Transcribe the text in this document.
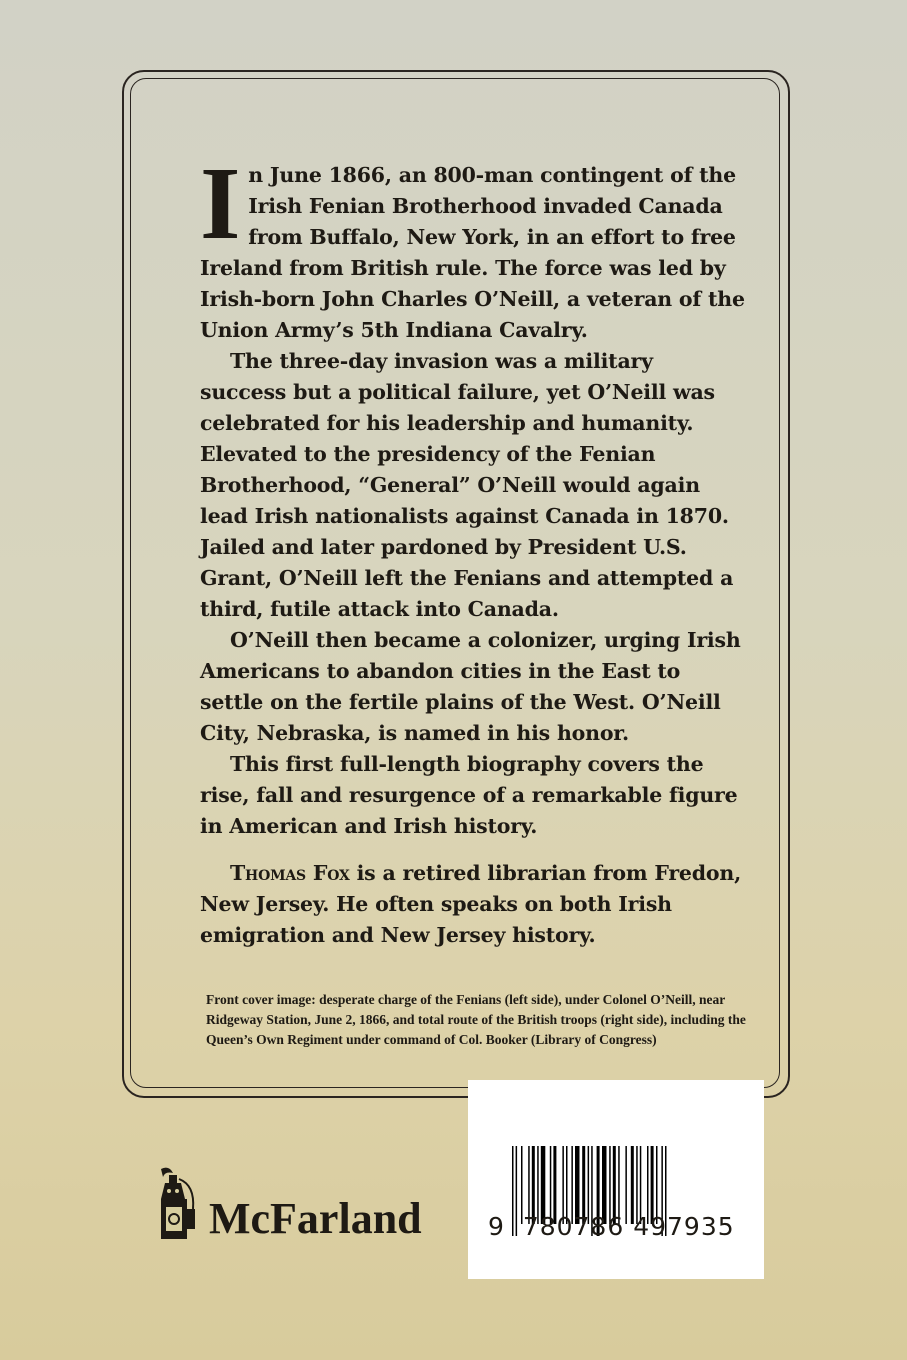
In June 1866, an 800-man contingent of the Irish Fenian Brotherhood invaded Canada from Buffalo, New York, in an effort to free Ireland from British rule. The force was led by Irish-born John Charles O’Neill, a veteran of the Union Army’s 5th Indiana Cavalry.

The three-day invasion was a military success but a political failure, yet O’Neill was celebrated for his leadership and humanity. Elevated to the presidency of the Fenian Brotherhood, “General” O’Neill would again lead Irish nationalists against Canada in 1870. Jailed and later pardoned by President U.S. Grant, O’Neill left the Fenians and attempted a third, futile attack into Canada.

O’Neill then became a colonizer, urging Irish Americans to abandon cities in the East to settle on the fertile plains of the West. O’Neill City, Nebraska, is named in his honor.

This first full-length biography covers the rise, fall and resurgence of a remarkable figure in American and Irish history.

Thomas Fox is a retired librarian from Fredon, New Jersey. He often speaks on both Irish emigration and New Jersey history.

Front cover image: desperate charge of the Fenians (left side), under Colonel O’Neill, near Ridgeway Station, June 2, 1866, and total route of the British troops (right side), including the Queen’s Own Regiment under command of Col. Booker (Library of Congress)
McFarland	9 780786 497935
